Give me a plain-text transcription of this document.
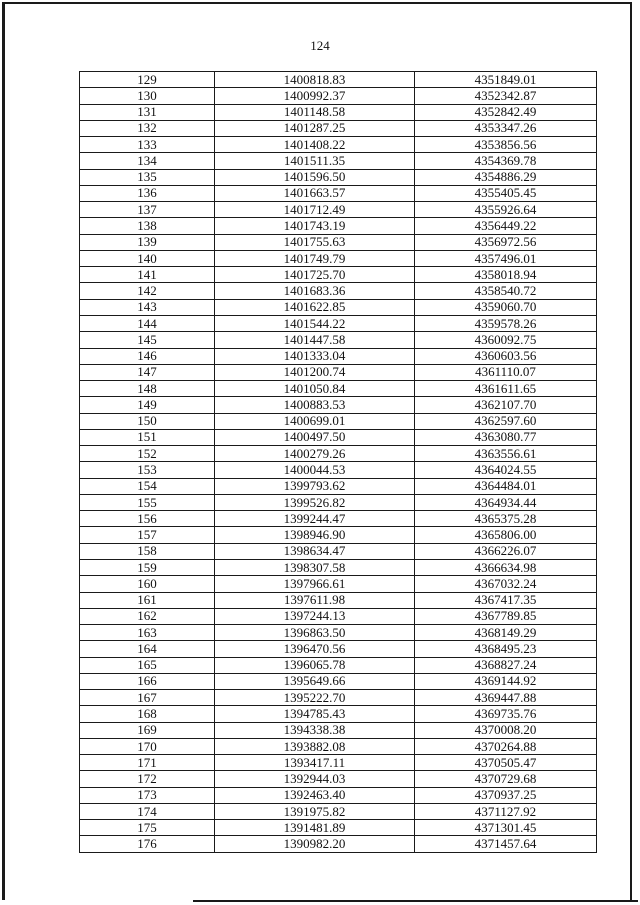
124
129	1400818.83	4351849.01
130	1400992.37	4352342.87
131	1401148.58	4352842.49
132	1401287.25	4353347.26
133	1401408.22	4353856.56
134	1401511.35	4354369.78
135	1401596.50	4354886.29
136	1401663.57	4355405.45
137	1401712.49	4355926.64
138	1401743.19	4356449.22
139	1401755.63	4356972.56
140	1401749.79	4357496.01
141	1401725.70	4358018.94
142	1401683.36	4358540.72
143	1401622.85	4359060.70
144	1401544.22	4359578.26
145	1401447.58	4360092.75
146	1401333.04	4360603.56
147	1401200.74	4361110.07
148	1401050.84	4361611.65
149	1400883.53	4362107.70
150	1400699.01	4362597.60
151	1400497.50	4363080.77
152	1400279.26	4363556.61
153	1400044.53	4364024.55
154	1399793.62	4364484.01
155	1399526.82	4364934.44
156	1399244.47	4365375.28
157	1398946.90	4365806.00
158	1398634.47	4366226.07
159	1398307.58	4366634.98
160	1397966.61	4367032.24
161	1397611.98	4367417.35
162	1397244.13	4367789.85
163	1396863.50	4368149.29
164	1396470.56	4368495.23
165	1396065.78	4368827.24
166	1395649.66	4369144.92
167	1395222.70	4369447.88
168	1394785.43	4369735.76
169	1394338.38	4370008.20
170	1393882.08	4370264.88
171	1393417.11	4370505.47
172	1392944.03	4370729.68
173	1392463.40	4370937.25
174	1391975.82	4371127.92
175	1391481.89	4371301.45
176	1390982.20	4371457.64
